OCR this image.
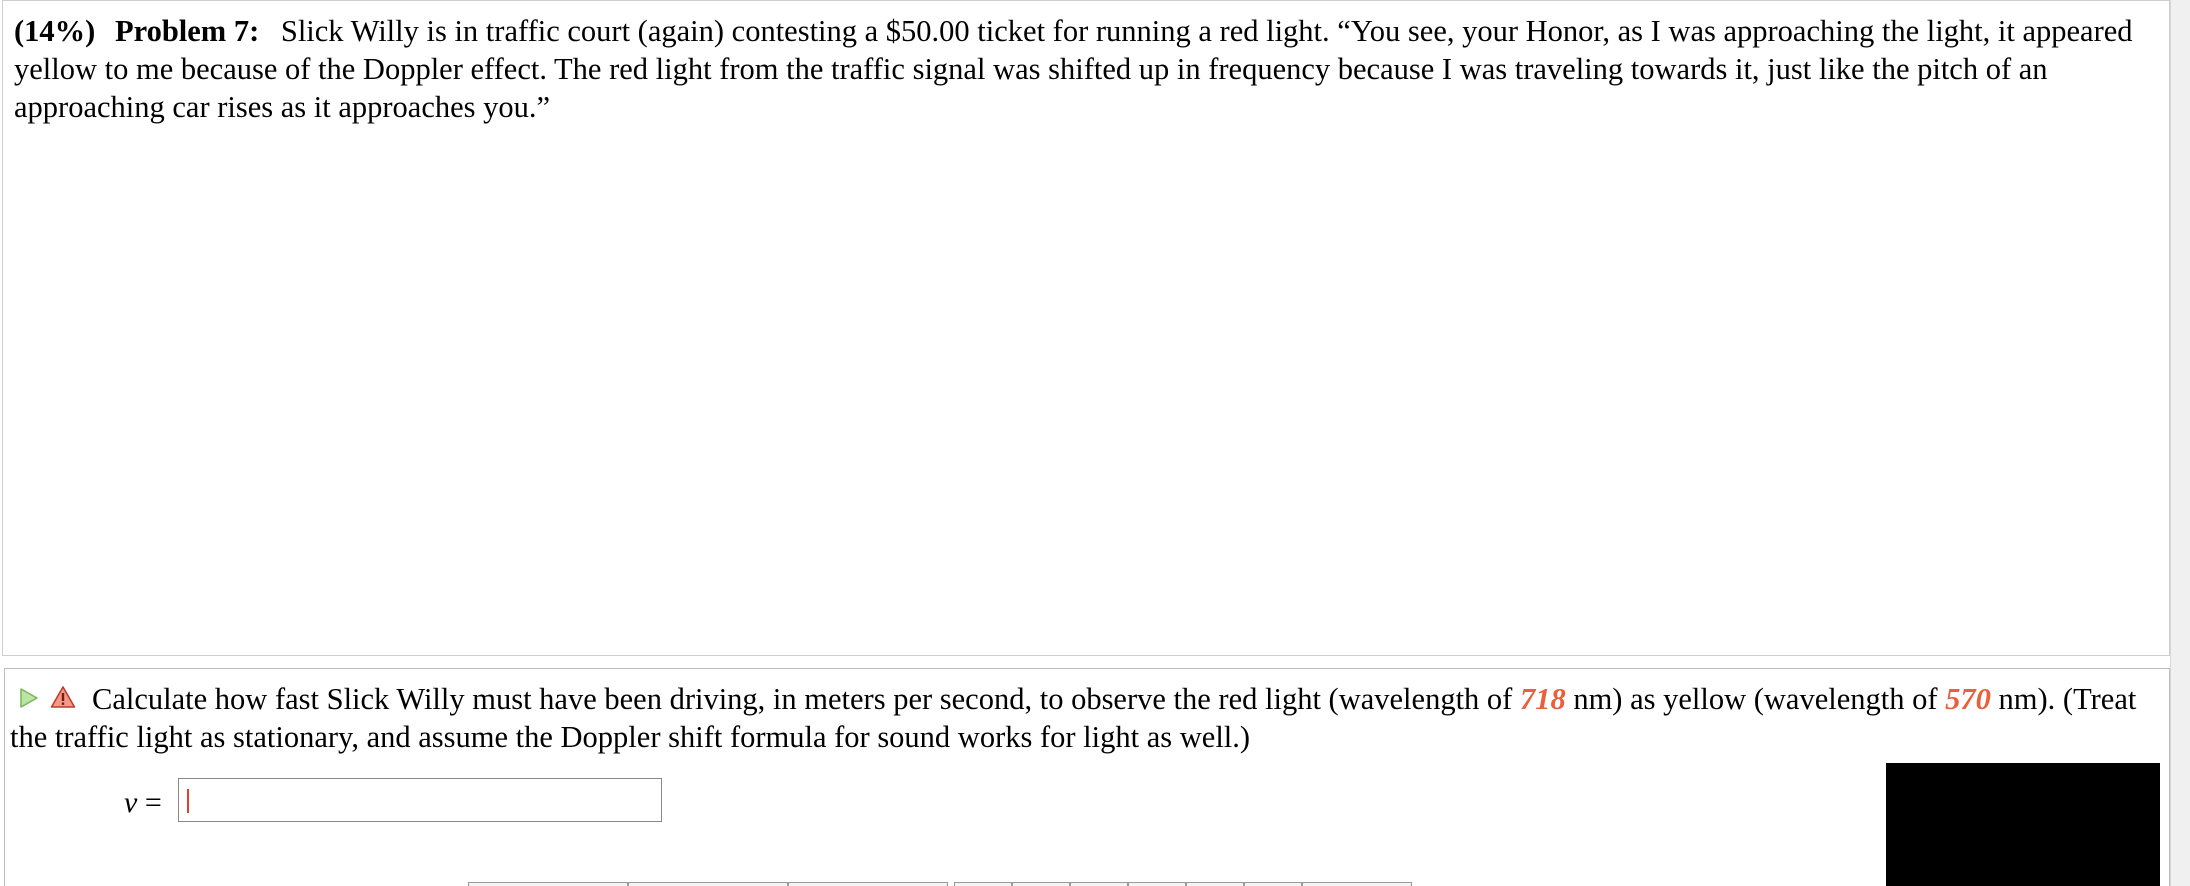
(14%) Problem 7: Slick Willy is in traffic court (again) contesting a $50.00 ticket for running a red light. “You see, your Honor, as I was approaching the light, it appeared yellow to me because of the Doppler effect. The red light from the traffic signal was shifted up in frequency because I was traveling towards it, just like the pitch of an approaching car rises as it approaches you.”
Calculate how fast Slick Willy must have been driving, in meters per second, to observe the red light (wavelength of 718 nm) as yellow (wavelength of 570 nm). (Treat the traffic light as stationary, and assume the Doppler shift formula for sound works for light as well.)
v =
